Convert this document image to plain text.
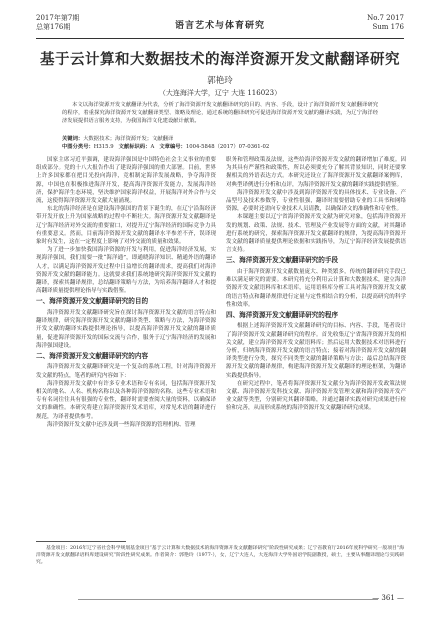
2017年第7期
总第176期	语言艺术与体育研究
No.7 2017
Sum 176
基于云计算和大数据技术的海洋资源开发文献翻译研究
郭艳玲
（大连海洋大学，辽宁 大连 116023）
本文以海洋资源开发文献翻译为代表，分析了海洋资源开发文献翻译研究的目的、内容、手段，设计了海洋资源开发文献翻译研究的程序，着重探究海洋资源开发文献翻译类型、策略及理论，通过系统的翻译研究可促进海洋资源开发文献的翻译实践，为辽宁海洋经济发展提供语言服务支持，为我国海洋文化建设献计献策。
关键词：大数据技术；海洋资源开发；文献翻译
中图分类号：H315.9 文献标识码：A 文章编号：1004-5848（2017）07-0361-02

国家主席习近平强调，建设海洋强国是中国特色社会主义事业的重要组成部分。党的十八大报告作出了建设海洋强国的重大部署。目前，世界上许多国家都在把目光投向海洋，竞相制定海洋发展战略，争夺海洋资源，中国也在积极推进海洋开发，提高海洋资源开发能力，发展海洋经济，保护海洋生态环境，坚决维护国家海洋权益，开展海洋对外合作与交流，这使得海洋资源开发文献大量涌现。

东北的海洋经济是在建设海洋强国的背景下诞生的，在辽宁沿海经济带开发开放上升为国家战略的过程中不断壮大。海洋资源开发文献翻译是辽宁海洋经济对外交流的重要窗口，对提升辽宁海洋经济的国际竞争力具有重要意义。然而，目前海洋资源开发文献的翻译水平参差不齐，误译现象时有发生，这在一定程度上影响了对外交流的质量和效果。

为了进一步加快我国海洋资源的开发与利用，促进海洋经济发展，实现海洋强国，我们需要一批“海洋通”，即通晓海洋知识、精通外语的翻译人才，以满足海洋资源开发过程中日益增长的翻译需求，提高我们对海洋资源开发文献的翻译能力。这就要求我们系统地研究海洋资源开发文献的翻译，探索其翻译规律，总结翻译策略与方法，为培养海洋翻译人才和提高翻译质量提供理论指导与实践借鉴。

一、海洋资源开发文献翻译研究的目的

海洋资源开发文献翻译研究旨在探讨海洋资源开发文献的语言特点和翻译规律，研究海洋资源开发文献的翻译类型、策略与方法，为海洋资源开发文献的翻译实践提供理论指导，以提高海洋资源开发文献的翻译质量，促进海洋资源开发的国际交流与合作，服务于辽宁海洋经济的发展和海洋强国建设。

二、海洋资源开发文献翻译研究的内容

海洋资源开发文献翻译研究是一个复杂的系统工程，针对海洋资源开发文献的特点，笔者的研究内容如下：

海洋资源开发文献中有许多专业术语和专有名词，包括海洋资源开发相关的地名、人名、机构名称以及各种海洋资源的名称。这些专业术语和专有名词往往具有很强的专业性，翻译时需要查阅大量的资料，以确保译文的准确性。本研究将建立海洋资源开发术语库，对常见术语的翻译进行规范，为译者提供参考。

海洋资源开发文献中还涉及到一些海洋资源的管理机构、管理

职务和管理政策及法规，这些给海洋资源开发文献的翻译增加了难度。因为其具有严谨性和政策性，所以必须要充分了解其背景知识，同时还要掌握相关的外语表达方式。本研究还设立了海洋资源开发文献翻译案例库，对典型译例进行分析和点评，为海洋资源开发文献的翻译实践提供借鉴。

海洋资源开发文献中涉及到海洋资源开发的具体技术、专业设备、产品型号及技术参数等，专业性很强，翻译时需要借助专业的工具书和网络资源，必要时还需向专业技术人员请教，以确保译文的准确性和专业性。

本课题主要以辽宁省海洋资源开发文献为研究对象，包括海洋资源开发的规划、政策、法规、技术、管理及产业发展等方面的文献，对其翻译进行系统的研究，探索海洋资源开发文献翻译的规律，为提高海洋资源开发文献的翻译质量提供理论依据和实践指导，为辽宁海洋经济发展提供语言支持。

三、海洋资源开发文献翻译研究的手段

由于海洋资源开发文献数量庞大、种类繁多，传统的翻译研究手段已难以满足研究的需要。本研究将充分利用云计算和大数据技术，建立海洋资源开发文献语料库和术语库，运用语料库分析工具对海洋资源开发文献的语言特点和翻译规律进行定量与定性相结合的分析，以提高研究的科学性和效率。

四、海洋资源开发文献翻译研究的程序

根据上述海洋资源开发文献翻译研究的目标、内容、手段，笔者设计了海洋资源开发文献翻译研究的程序。首先收集辽宁省海洋资源开发的相关文献，建立海洋资源开发文献语料库；然后运用大数据技术对语料进行分析，归纳海洋资源开发文献的语言特点；接着对海洋资源开发文献的翻译类型进行分类，探究不同类型文献的翻译策略与方法；最后总结海洋资源开发文献的翻译规律，构建海洋资源开发文献翻译的理论框架，为翻译实践提供指导。

在研究过程中，笔者将海洋资源开发文献分为海洋资源开发政策法规文献、海洋资源开发科技文献、海洋资源开发管理文献和海洋资源开发产业文献等类型，分别研究其翻译策略，并通过翻译实践对研究成果进行检验和完善，从而形成系统的海洋资源开发文献翻译研究成果。

基金项目：2016年辽宁省社会科学规划基金项目“基于云计算和大数据技术的海洋资源开发文献翻译研究”阶段性研究成果；辽宁省教育厅2016年度科学研究一般项目“海洋资源开发文献翻译语料库建设研究”阶段性研究成果。作者简介：郭艳玲（1977-），女，辽宁大连人，大连海洋大学外国语学院副教授，硕士，主要从事翻译理论与实践研究。
— 361 —
